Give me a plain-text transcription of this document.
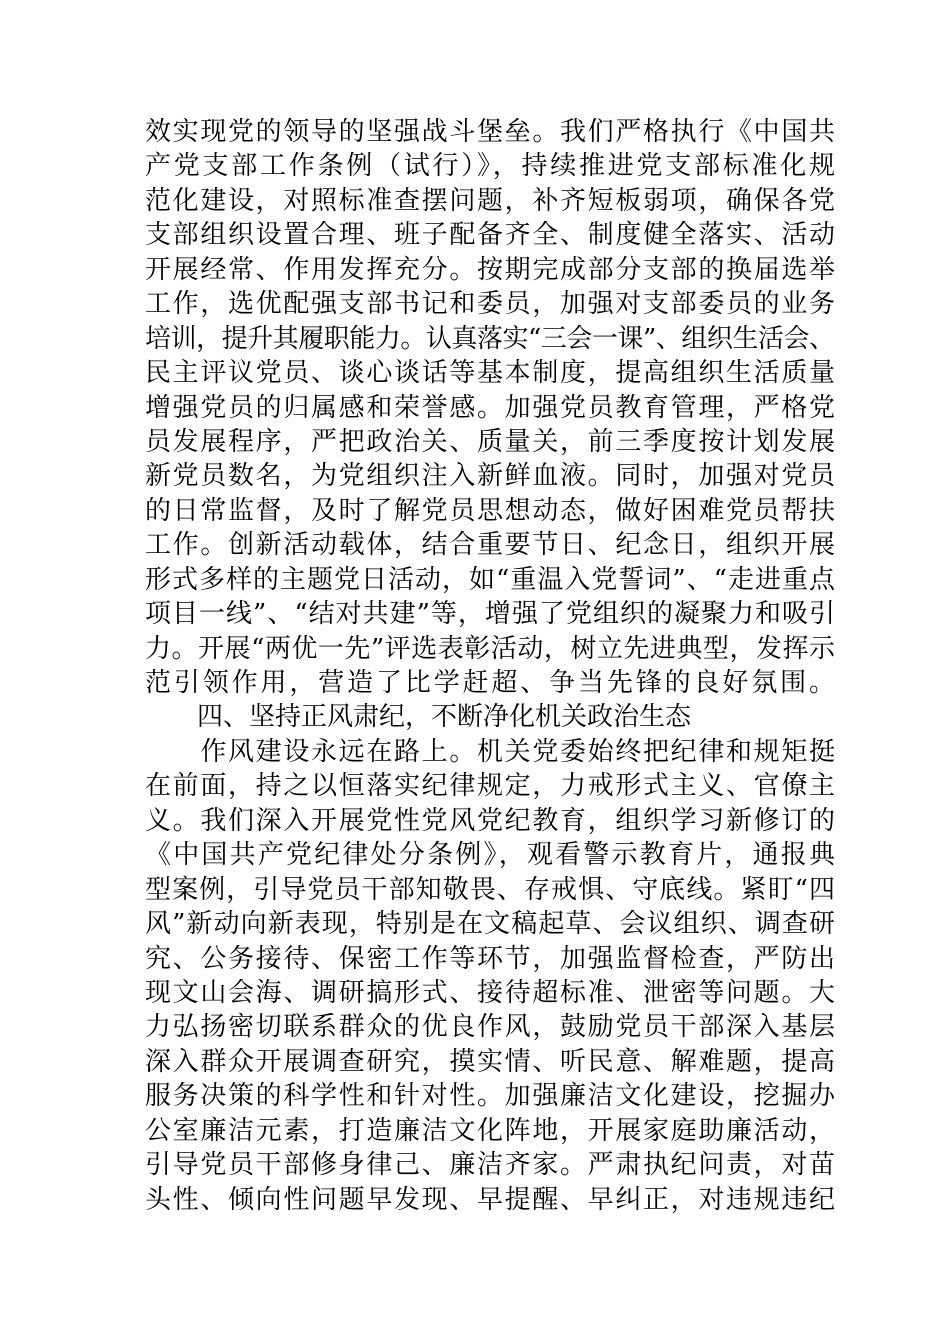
效实现党的领导的坚强战斗堡垒。我们严格执行《中国共
产党支部工作条例（试行）》，持续推进党支部标准化规
范化建设，对照标准查摆问题，补齐短板弱项，确保各党
支部组织设置合理、班子配备齐全、制度健全落实、活动
开展经常、作用发挥充分。按期完成部分支部的换届选举
工作，选优配强支部书记和委员，加强对支部委员的业务
培训，提升其履职能力。认真落实“三会一课”、组织生活会、
民主评议党员、谈心谈话等基本制度，提高组织生活质量
增强党员的归属感和荣誉感。加强党员教育管理，严格党
员发展程序，严把政治关、质量关，前三季度按计划发展
新党员数名，为党组织注入新鲜血液。同时，加强对党员
的日常监督，及时了解党员思想动态，做好困难党员帮扶
工作。创新活动载体，结合重要节日、纪念日，组织开展
形式多样的主题党日活动，如“重温入党誓词”、“走进重点
项目一线”、“结对共建”等，增强了党组织的凝聚力和吸引
力。开展“两优一先”评选表彰活动，树立先进典型，发挥示
范引领作用，营造了比学赶超、争当先锋的良好氛围。
　　四、坚持正风肃纪，不断净化机关政治生态
　　作风建设永远在路上。机关党委始终把纪律和规矩挺
在前面，持之以恒落实纪律规定，力戒形式主义、官僚主
义。我们深入开展党性党风党纪教育，组织学习新修订的
《中国共产党纪律处分条例》，观看警示教育片，通报典
型案例，引导党员干部知敬畏、存戒惧、守底线。紧盯“四
风”新动向新表现，特别是在文稿起草、会议组织、调查研
究、公务接待、保密工作等环节，加强监督检查，严防出
现文山会海、调研搞形式、接待超标准、泄密等问题。大
力弘扬密切联系群众的优良作风，鼓励党员干部深入基层
深入群众开展调查研究，摸实情、听民意、解难题，提高
服务决策的科学性和针对性。加强廉洁文化建设，挖掘办
公室廉洁元素，打造廉洁文化阵地，开展家庭助廉活动，
引导党员干部修身律己、廉洁齐家。严肃执纪问责，对苗
头性、倾向性问题早发现、早提醒、早纠正，对违规违纪
